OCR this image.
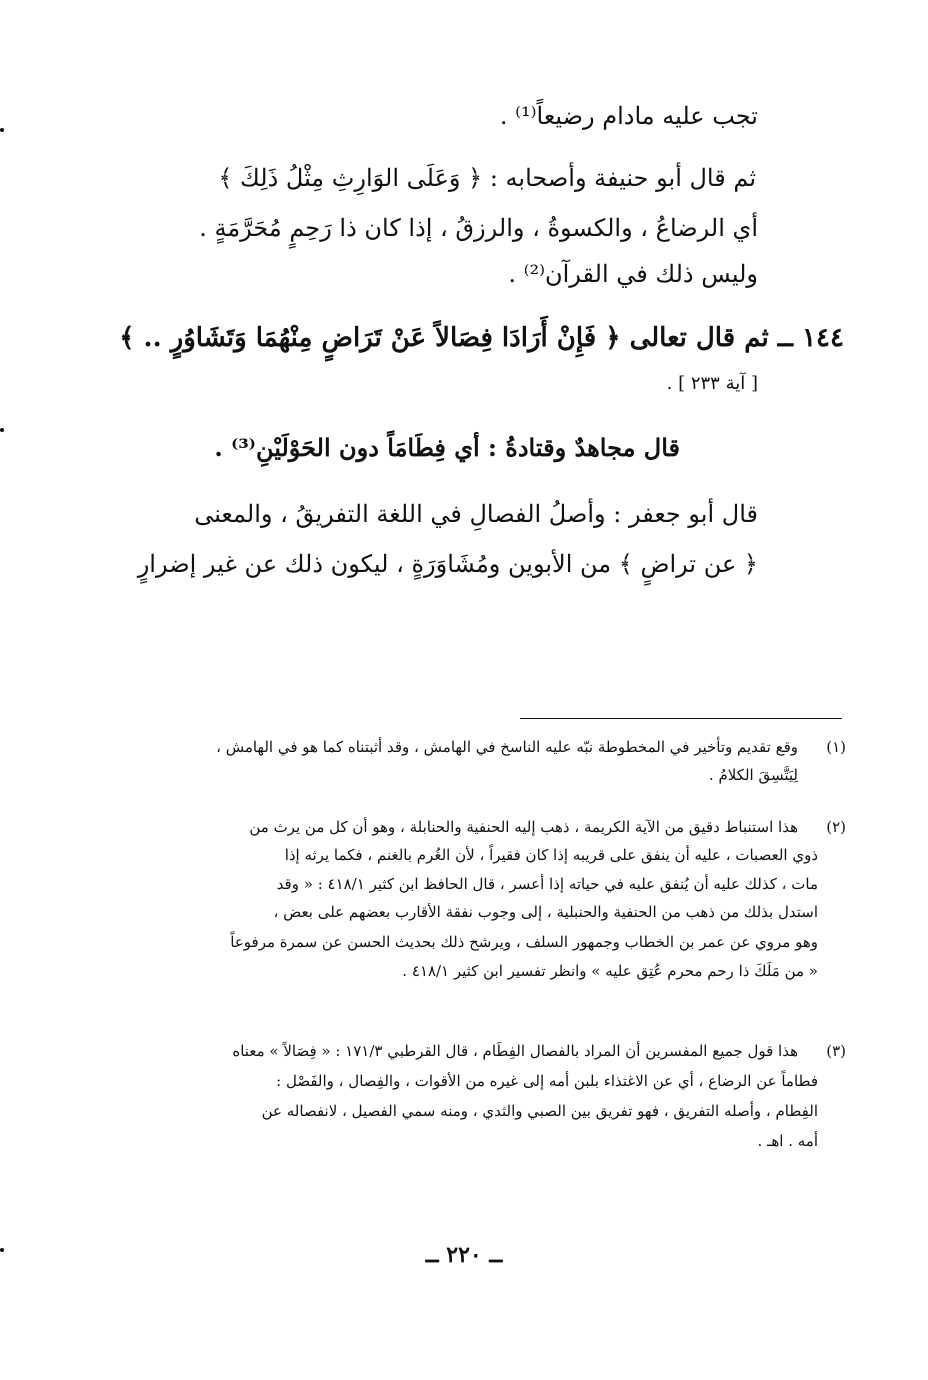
تجب عليه مادام رضيعاً⁽¹⁾ .
ثم قال أبو حنيفة وأصحابه : ﴿ وَعَلَى الوَارِثِ مِثْلُ ذَلِكَ ﴾
أي الرضاعُ ، والكسوةُ ، والرزقُ ، إذا كان ذا رَحِمٍ مُحَرَّمَةٍ .
وليس ذلك في القرآن⁽²⁾ .
١٤٤ ــ ثم قال تعالى ﴿ فَإِنْ أَرَادَا فِصَالاً عَنْ تَرَاضٍ مِنْهُمَا وَتَشَاوُرٍ .. ﴾
[ آية ٢٣٣ ] .
قال مجاهدٌ وقتادةُ : أي فِطَامَاً دون الحَوْلَيْنِ⁽³⁾ .
قال أبو جعفر : وأصلُ الفصالِ في اللغة التفريقُ ، والمعنى
﴿ عن تراضٍ ﴾ من الأبوين ومُشَاوَرَةٍ ، ليكون ذلك عن غير إضرارٍ
(١)
وقع تقديم وتأخير في المخطوطة نبّه عليه الناسخ في الهامش ، وقد أثبتناه كما هو في الهامش ،
لِيَتَّسِقَ الكلامُ .
(٢)
هذا استنباط دقيق من الآية الكريمة ، ذهب إليه الحنفية والحنابلة ، وهو أن كل من يرث من
ذوي العصبات ، عليه أن ينفق على قريبه إذا كان فقيراً ، لأن الغُرم بالغنم ، فكما يرثه إذا
مات ، كذلك عليه أن يُنفق عليه في حياته إذا أعسر ، قال الحافظ ابن كثير ٤١٨/١ : « وقد
استدل بذلك من ذهب من الحنفية والحنبلية ، إلى وجوب نفقة الأقارب بعضهم على بعض ،
وهو مروي عن عمر بن الخطاب وجمهور السلف ، ويرشح ذلك بحديث الحسن عن سمرة مرفوعاً
« من مَلَكَ ذا رحم محرم عُتِق عليه » وانظر تفسير ابن كثير ٤١٨/١ .
(٣)
هذا قول جميع المفسرين أن المراد بالفصال الفِطَام ، قال القرطبي ١٧١/٣ : « فِصَالاً » معناه
فطاماً عن الرضاع ، أي عن الاغتذاء بلبن أمه إلى غيره من الأقوات ، والفِصال ، والفَصْل :
الفِطام ، وأصله التفريق ، فهو تفريق بين الصبي والثدي ، ومنه سمي الفصيل ، لانفصاله عن
أمه . اهـ .
ــ ٢٢٠ ــ
